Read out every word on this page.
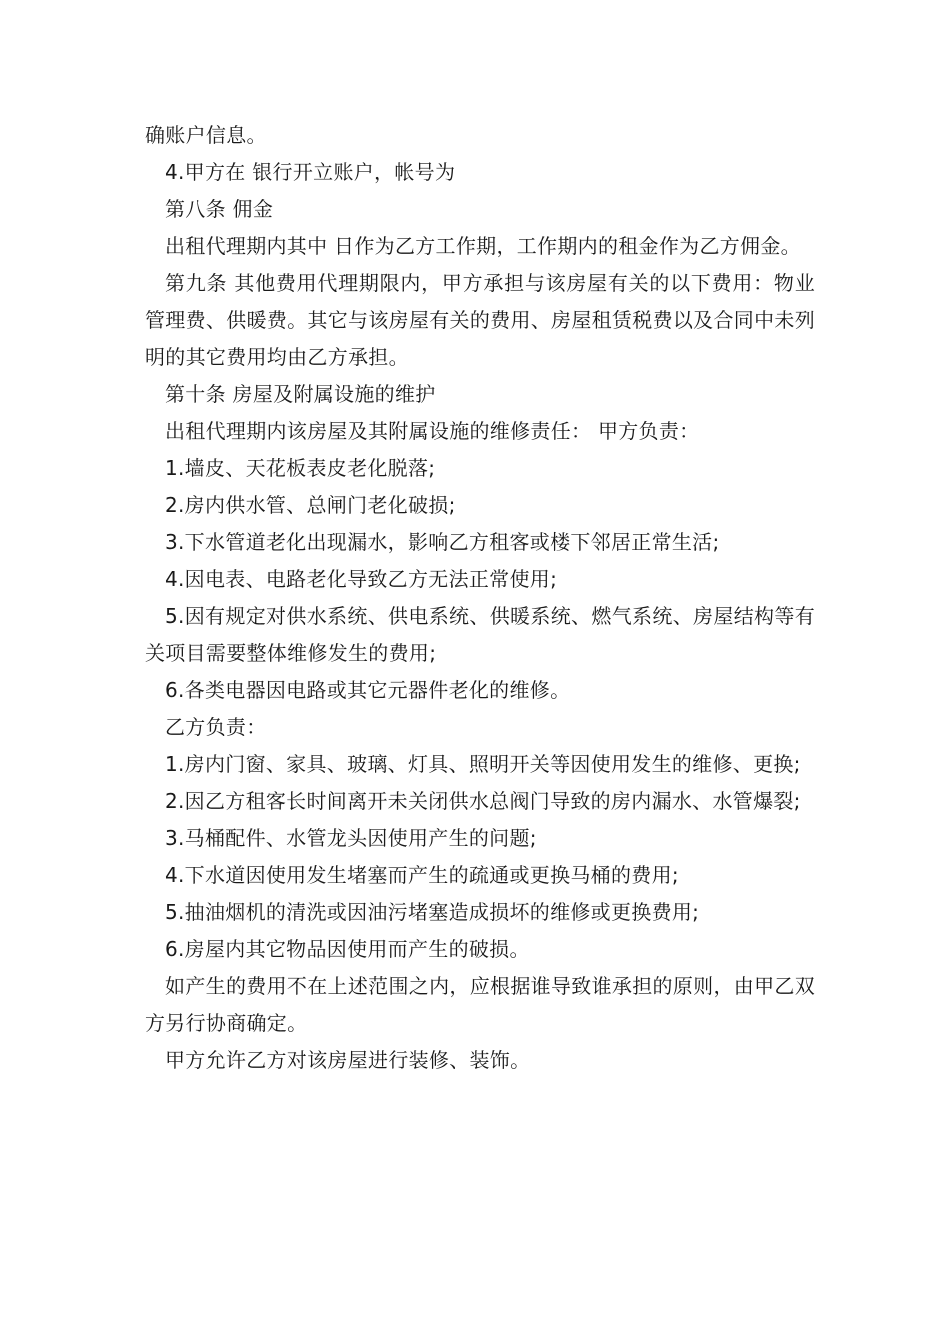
确账户信息。

4.甲方在 银行开立账户，帐号为

第八条 佣金

出租代理期内其中 日作为乙方工作期，工作期内的租金作为乙方佣金。

第九条 其他费用代理期限内，甲方承担与该房屋有关的以下费用：物业管理费、供暖费。其它与该房屋有关的费用、房屋租赁税费以及合同中未列明的其它费用均由乙方承担。

第十条 房屋及附属设施的维护

出租代理期内该房屋及其附属设施的维修责任： 甲方负责：

1.墙皮、天花板表皮老化脱落;

2.房内供水管、总闸门老化破损;

3.下水管道老化出现漏水，影响乙方租客或楼下邻居正常生活;

4.因电表、电路老化导致乙方无法正常使用;

5.因有规定对供水系统、供电系统、供暖系统、燃气系统、房屋结构等有关项目需要整体维修发生的费用;

6.各类电器因电路或其它元器件老化的维修。

乙方负责：

1.房内门窗、家具、玻璃、灯具、照明开关等因使用发生的维修、更换;

2.因乙方租客长时间离开未关闭供水总阀门导致的房内漏水、水管爆裂;

3.马桶配件、水管龙头因使用产生的问题;

4.下水道因使用发生堵塞而产生的疏通或更换马桶的费用;

5.抽油烟机的清洗或因油污堵塞造成损坏的维修或更换费用;

6.房屋内其它物品因使用而产生的破损。

如产生的费用不在上述范围之内，应根据谁导致谁承担的原则，由甲乙双方另行协商确定。

甲方允许乙方对该房屋进行装修、装饰。
